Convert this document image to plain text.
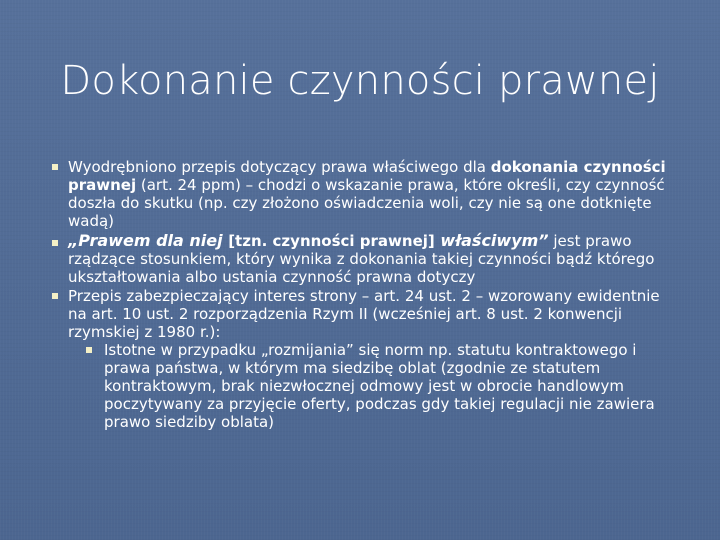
Dokonanie czynności prawnej

Wyodrębniono przepis dotyczący prawa właściwego dla dokonania czynności prawnej (art. 24 ppm) – chodzi o wskazanie prawa, które określi, czy czynność doszła do skutku (np. czy złożono oświadczenia woli, czy nie są one dotknięte wadą)

„Prawem dla niej [tzn. czynności prawnej] właściwym” jest prawo rządzące stosunkiem, który wynika z dokonania takiej czynności bądź którego ukształtowania albo ustania czynność prawna dotyczy

Przepis zabezpieczający interes strony – art. 24 ust. 2 – wzorowany ewidentnie na art. 10 ust. 2 rozporządzenia Rzym II (wcześniej art. 8 ust. 2 konwencji rzymskiej z 1980 r.):

Istotne w przypadku „rozmijania” się norm np. statutu kontraktowego i prawa państwa, w którym ma siedzibę oblat (zgodnie ze statutem kontraktowym, brak niezwłocznej odmowy jest w obrocie handlowym poczytywany za przyjęcie oferty, podczas gdy takiej regulacji nie zawiera prawo siedziby oblata)
